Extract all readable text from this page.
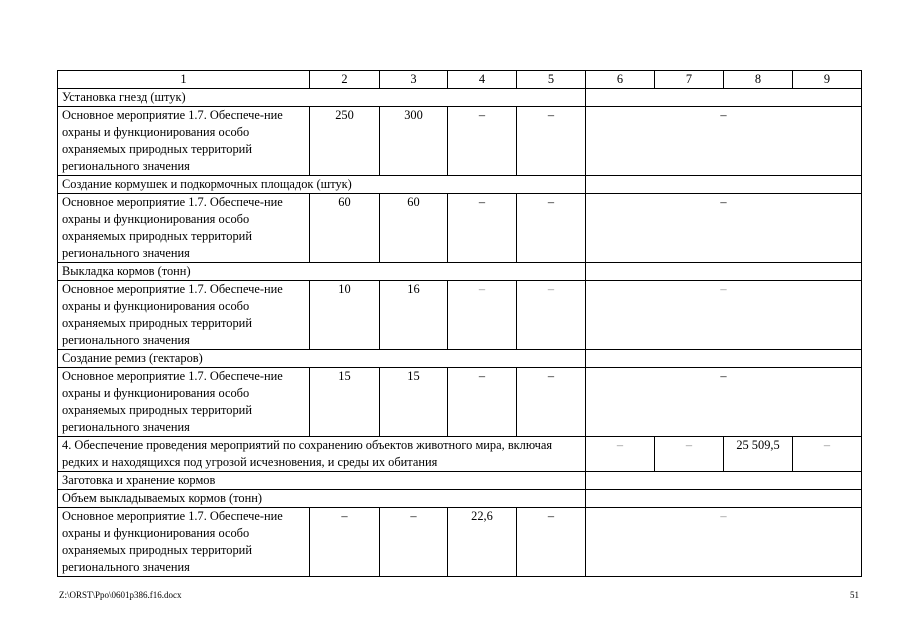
1	2	3	4	5	6	7	8	9
Установка гнезд (штук)								
Основное мероприятие 1.7. Обеспече-ние охраны и функционирования особо охраняемых природных территорий регионального значения	250	300	–	–	–			
Создание кормушек и подкормочных площадок (штук)								
Основное мероприятие 1.7. Обеспече-ние охраны и функционирования особо охраняемых природных территорий регионального значения	60	60	–	–	–			
Выкладка кормов (тонн)								
Основное мероприятие 1.7. Обеспече-ние охраны и функционирования особо охраняемых природных территорий регионального значения	10	16	–	–	–			
Создание ремиз (гектаров)								
Основное мероприятие 1.7. Обеспече-ние охраны и функционирования особо охраняемых природных территорий регионального значения	15	15	–	–	–			
4. Обеспечение проведения мероприятий по сохранению объектов животного мира, включая редких и находящихся под угрозой исчезновения, и среды их обитания					–	–	25 509,5	–
Заготовка и хранение кормов								
Объем выкладываемых кормов (тонн)								
Основное мероприятие 1.7. Обеспече-ние охраны и функционирования особо охраняемых природных территорий регионального значения	–	–	22,6	–	–			
Z:\ORST\Ppo\0601p386.f16.docx	51
